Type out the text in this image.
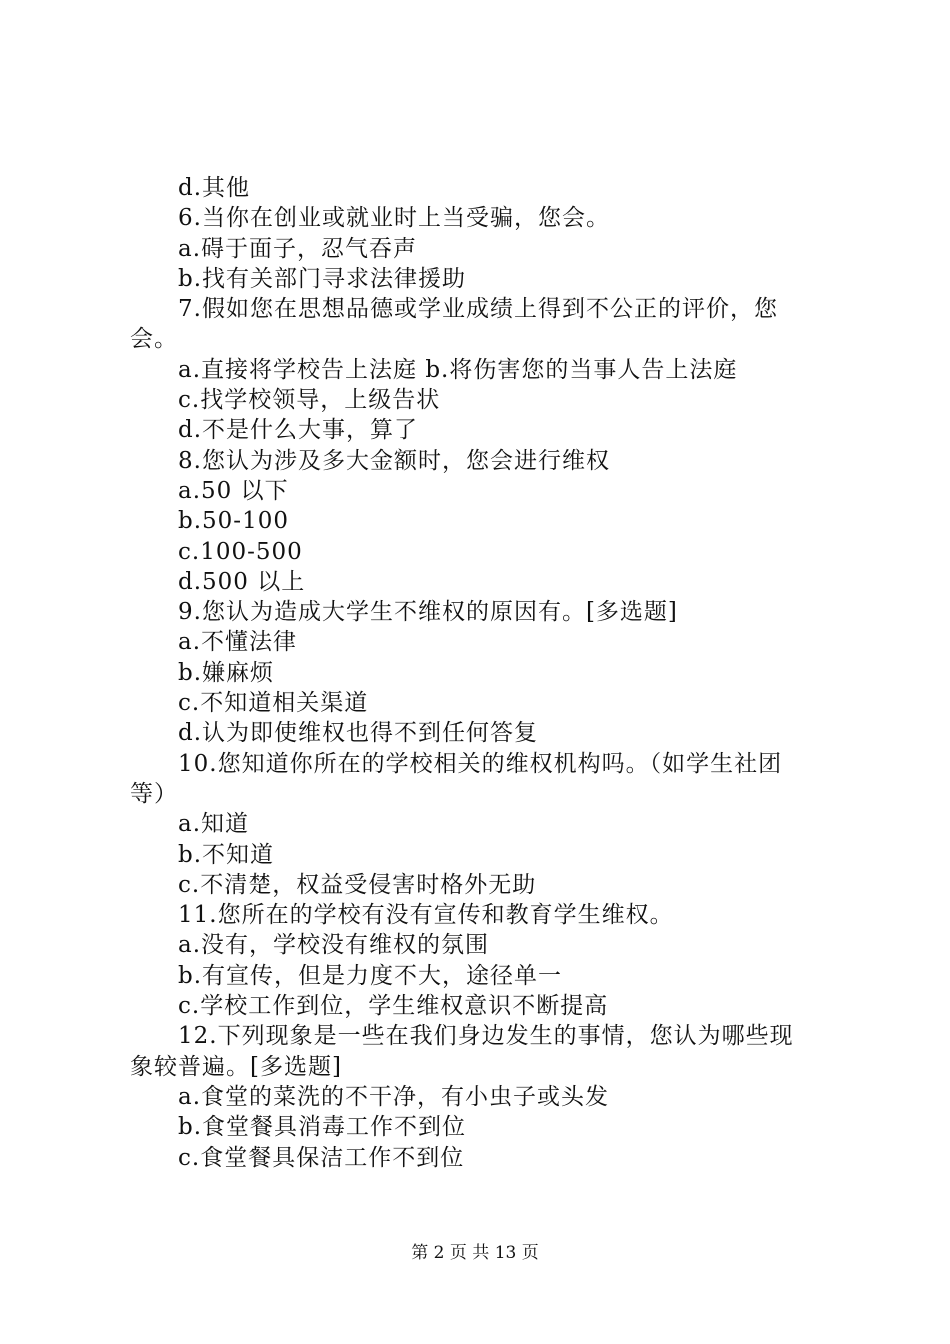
d.其他
6.当你在创业或就业时上当受骗，您会。
a.碍于面子，忍气吞声
b.找有关部门寻求法律援助
7.假如您在思想品德或学业成绩上得到不公正的评价，您
会。
a.直接将学校告上法庭 b.将伤害您的当事人告上法庭
c.找学校领导，上级告状
d.不是什么大事，算了
8.您认为涉及多大金额时，您会进行维权
a.50 以下
b.50-100
c.100-500
d.500 以上
9.您认为造成大学生不维权的原因有。[多选题]
a.不懂法律
b.嫌麻烦
c.不知道相关渠道
d.认为即使维权也得不到任何答复
10.您知道你所在的学校相关的维权机构吗。（如学生社团
等）
a.知道
b.不知道
c.不清楚，权益受侵害时格外无助
11.您所在的学校有没有宣传和教育学生维权。
a.没有，学校没有维权的氛围
b.有宣传，但是力度不大，途径单一
c.学校工作到位，学生维权意识不断提高
12.下列现象是一些在我们身边发生的事情，您认为哪些现
象较普遍。[多选题]
a.食堂的菜洗的不干净，有小虫子或头发
b.食堂餐具消毒工作不到位
c.食堂餐具保洁工作不到位
第 2 页 共 13 页
